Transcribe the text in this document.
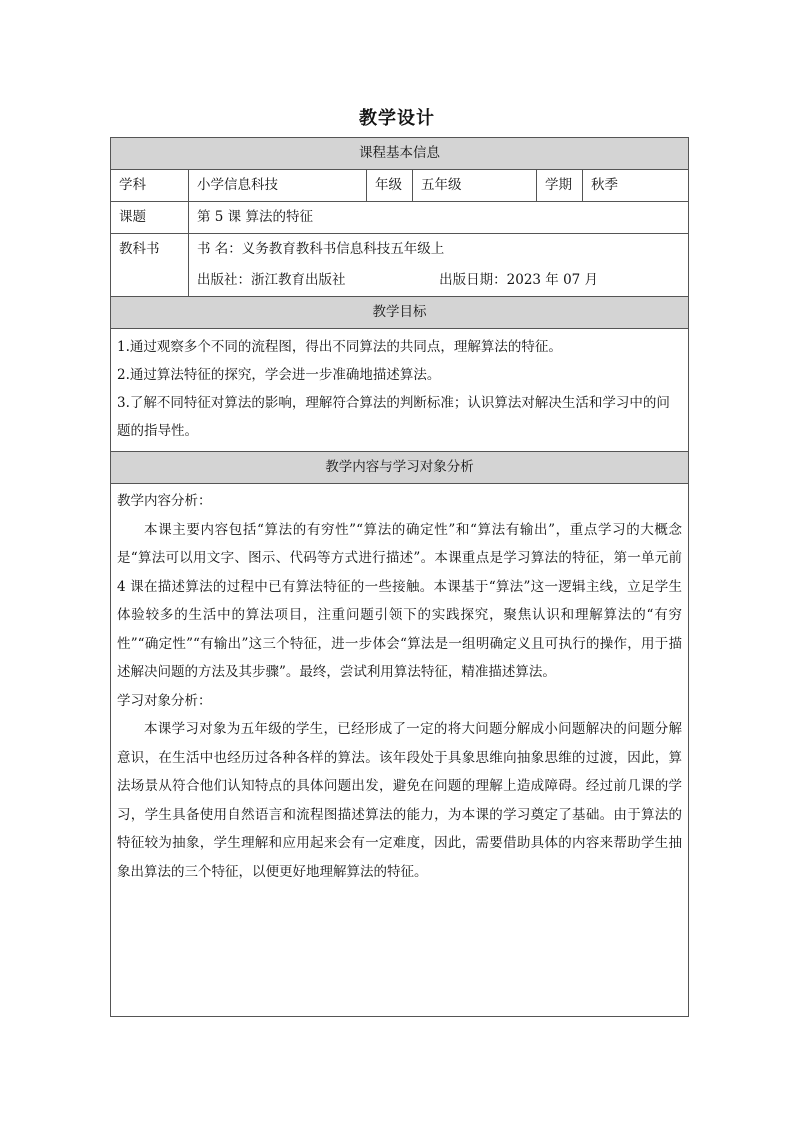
教学设计
课程基本信息					
学科	小学信息科技	年级	五年级	学期	秋季
课题	第 5 课 算法的特征				
教科书	书 名：义务教育教科书信息科技五年级上
出版社：浙江教育出版社 出版日期：2023 年 07 月				

教学目标					

1.通过观察多个不同的流程图，得出不同算法的共同点，理解算法的特征。

2.通过算法特征的探究，学会进一步准确地描述算法。

3.了解不同特征对算法的影响，理解符合算法的判断标准；认识算法对解决生活和学习中的问题的指导性。					

教学内容与学习对象分析					

教学内容分析：

本课主要内容包括“算法的有穷性”“算法的确定性”和“算法有输出”，重点学习的大概念是“算法可以用文字、图示、代码等方式进行描述”。本课重点是学习算法的特征，第一单元前 4 课在描述算法的过程中已有算法特征的一些接触。本课基于“算法”这一逻辑主线，立足学生体验较多的生活中的算法项目，注重问题引领下的实践探究，聚焦认识和理解算法的“有穷性”“确定性”“有输出”这三个特征，进一步体会“算法是一组明确定义且可执行的操作，用于描述解决问题的方法及其步骤”。最终，尝试利用算法特征，精准描述算法。

学习对象分析：

本课学习对象为五年级的学生，已经形成了一定的将大问题分解成小问题解决的问题分解意识，在生活中也经历过各种各样的算法。该年段处于具象思维向抽象思维的过渡，因此，算法场景从符合他们认知特点的具体问题出发，避免在问题的理解上造成障碍。经过前几课的学习，学生具备使用自然语言和流程图描述算法的能力，为本课的学习奠定了基础。由于算法的特征较为抽象，学生理解和应用起来会有一定难度，因此，需要借助具体的内容来帮助学生抽象出算法的三个特征，以便更好地理解算法的特征。					
